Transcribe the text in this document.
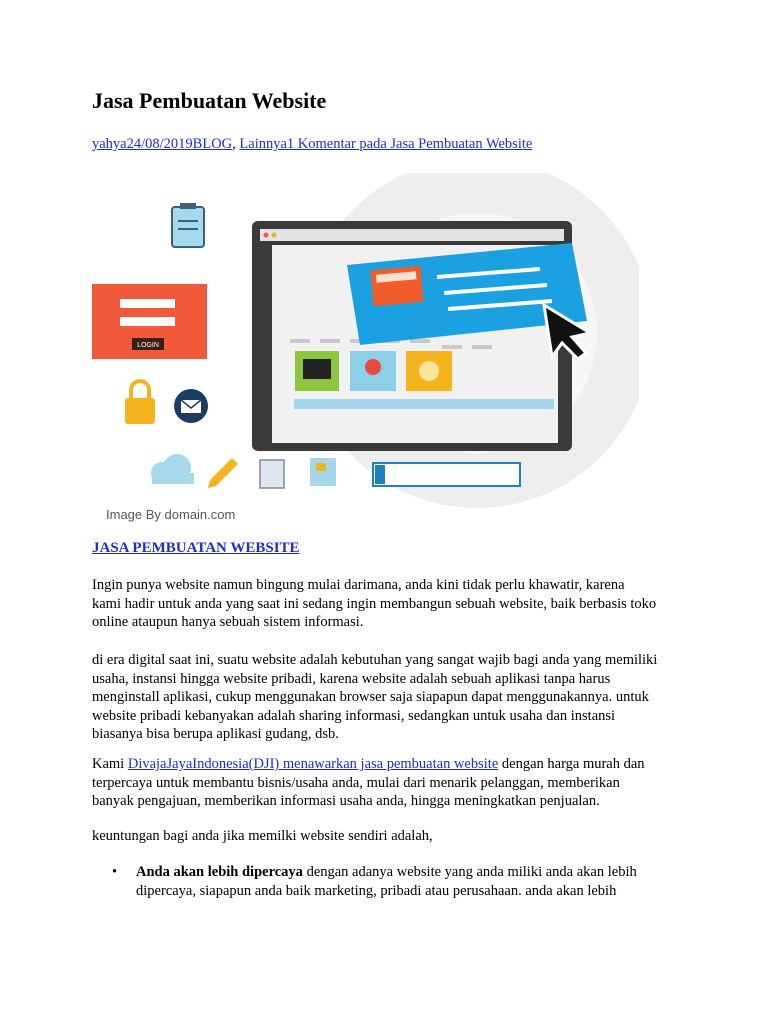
Jasa Pembuatan Website
yahya24/08/2019BLOG, Lainnya1 Komentar pada Jasa Pembuatan Website
LOGIN
Image By domain.com
JASA PEMBUATAN WEBSITE
Ingin punya website namun bingung mulai darimana, anda kini tidak perlu khawatir, karena
kami hadir untuk anda yang saat ini sedang ingin membangun sebuah website, baik berbasis toko
online ataupun hanya sebuah sistem informasi.
di era digital saat ini, suatu website adalah kebutuhan yang sangat wajib bagi anda yang memiliki
usaha, instansi hingga website pribadi, karena website adalah sebuah aplikasi tanpa harus
menginstall aplikasi, cukup menggunakan browser saja siapapun dapat menggunakannya. untuk
website pribadi kebanyakan adalah sharing informasi, sedangkan untuk usaha dan instansi
biasanya bisa berupa aplikasi gudang, dsb.
Kami DivajaJayaIndonesia(DJI) menawarkan jasa pembuatan website dengan harga murah dan
terpercaya untuk membantu bisnis/usaha anda, mulai dari menarik pelanggan, memberikan
banyak pengajuan, memberikan informasi usaha anda, hingga meningkatkan penjualan.
keuntungan bagi anda jika memilki website sendiri adalah,
• Anda akan lebih dipercaya dengan adanya website yang anda miliki anda akan lebih
dipercaya, siapapun anda baik marketing, pribadi atau perusahaan. anda akan lebih
